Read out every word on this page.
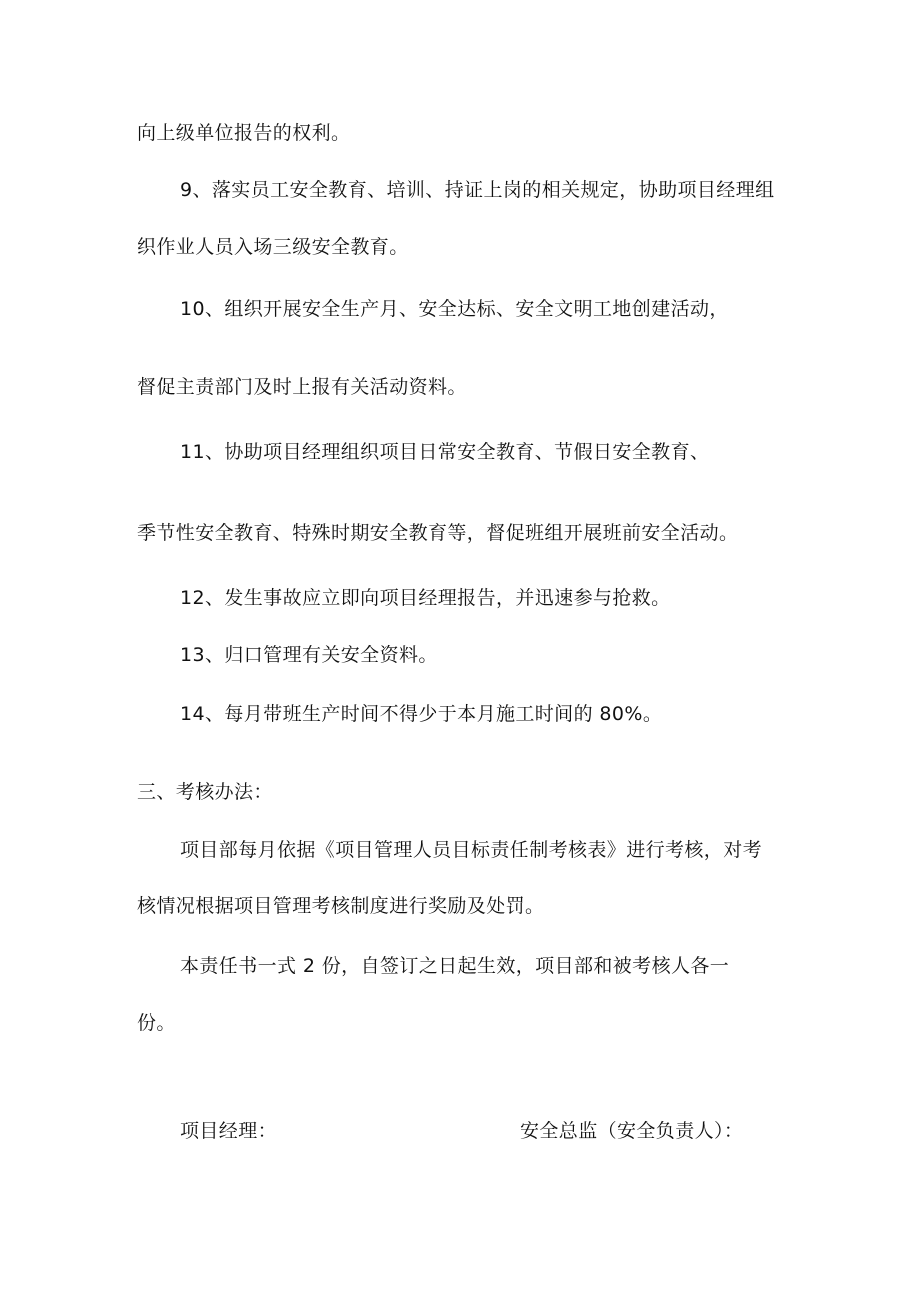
向上级单位报告的权利。
9、落实员工安全教育、培训、持证上岗的相关规定，协助项目经理组
织作业人员入场三级安全教育。
10、组织开展安全生产月、安全达标、安全文明工地创建活动，
督促主责部门及时上报有关活动资料。
11、协助项目经理组织项目日常安全教育、节假日安全教育、
季节性安全教育、特殊时期安全教育等，督促班组开展班前安全活动。
12、发生事故应立即向项目经理报告，并迅速参与抢救。
13、归口管理有关安全资料。
14、每月带班生产时间不得少于本月施工时间的 80%。
三、考核办法：
项目部每月依据《项目管理人员目标责任制考核表》进行考核，对考
核情况根据项目管理考核制度进行奖励及处罚。
本责任书一式 2 份，自签订之日起生效，项目部和被考核人各一
份。
项目经理：	安全总监（安全负责人）：
